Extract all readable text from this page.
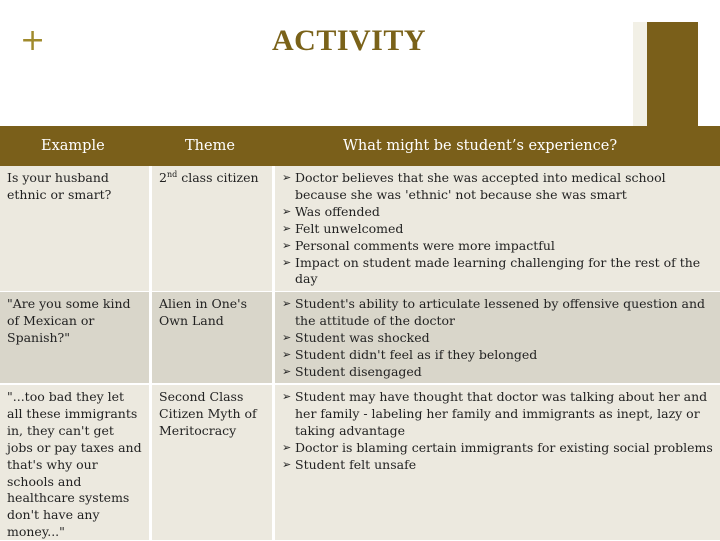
+	ACTIVITY
Example	Theme	What might be student’s experience?
Is your husband ethnic or smart?
2nd class citizen
➢	Doctor believes that she was accepted into medical school because she was 'ethnic' not because she was smart
➢ Was offended
➢ Felt unwelcomed
➢ Personal comments were more impactful
➢ Impact on student made learning challenging for the rest of the day
"Are you some kind of Mexican or Spanish?"
Alien in One's Own Land
➢ Student's ability to articulate lessened by offensive question and the attitude of the doctor
➢ Student was shocked
➢ Student didn't feel as if they belonged
➢ Student disengaged
"...too bad they let all these immigrants in, they can't get jobs or pay taxes and that's why our schools and healthcare systems don't have any money..."
Second Class Citizen Myth of Meritocracy
➢ Student may have thought that doctor was talking about her and her family - labeling her family and immigrants as inept, lazy or taking advantage
➢ Doctor is blaming certain immigrants for existing social problems
➢ Student felt unsafe
